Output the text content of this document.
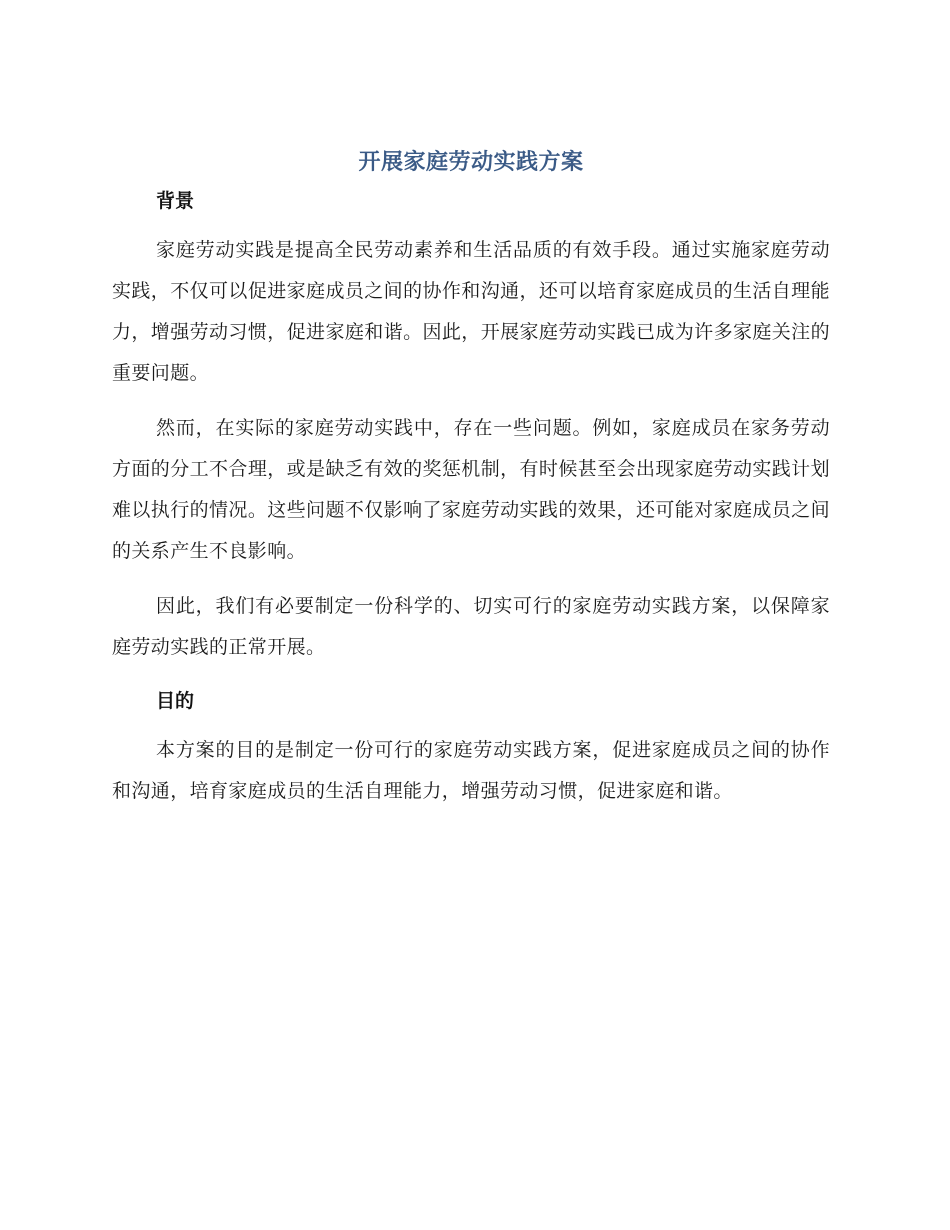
开展家庭劳动实践方案
背景

家庭劳动实践是提高全民劳动素养和生活品质的有效手段。通过实施家庭劳动实践，不仅可以促进家庭成员之间的协作和沟通，还可以培育家庭成员的生活自理能力，增强劳动习惯，促进家庭和谐。因此，开展家庭劳动实践已成为许多家庭关注的重要问题。

然而，在实际的家庭劳动实践中，存在一些问题。例如，家庭成员在家务劳动方面的分工不合理，或是缺乏有效的奖惩机制，有时候甚至会出现家庭劳动实践计划难以执行的情况。这些问题不仅影响了家庭劳动实践的效果，还可能对家庭成员之间的关系产生不良影响。

因此，我们有必要制定一份科学的、切实可行的家庭劳动实践方案，以保障家庭劳动实践的正常开展。

目的

本方案的目的是制定一份可行的家庭劳动实践方案，促进家庭成员之间的协作和沟通，培育家庭成员的生活自理能力，增强劳动习惯，促进家庭和谐。
